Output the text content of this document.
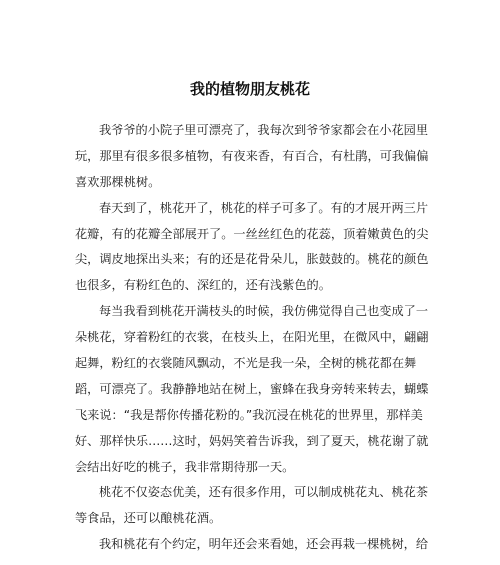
我的植物朋友桃花
我爷爷的小院子里可漂亮了，我每次到爷爷家都会在小花园里
玩，那里有很多很多植物，有夜来香，有百合，有杜鹃，可我偏偏
喜欢那棵桃树。
春天到了，桃花开了，桃花的样子可多了。有的才展开两三片
花瓣，有的花瓣全部展开了。一丝丝红色的花蕊，顶着嫩黄色的尖
尖，调皮地探出头来；有的还是花骨朵儿，胀鼓鼓的。桃花的颜色
也很多，有粉红色的、深红的，还有浅紫色的。
每当我看到桃花开满枝头的时候，我仿佛觉得自己也变成了一
朵桃花，穿着粉红的衣裳，在枝头上，在阳光里，在微风中，翩翩
起舞，粉红的衣裳随风飘动，不光是我一朵，全树的桃花都在舞
蹈，可漂亮了。我静静地站在树上，蜜蜂在我身旁转来转去，蝴蝶
飞来说：“我是帮你传播花粉的。”我沉浸在桃花的世界里，那样美
好、那样快乐……这时，妈妈笑着告诉我，到了夏天，桃花谢了就
会结出好吃的桃子，我非常期待那一天。
桃花不仅姿态优美，还有很多作用，可以制成桃花丸、桃花茶
等食品，还可以酿桃花酒。
我和桃花有个约定，明年还会来看她，还会再栽一棵桃树，给
